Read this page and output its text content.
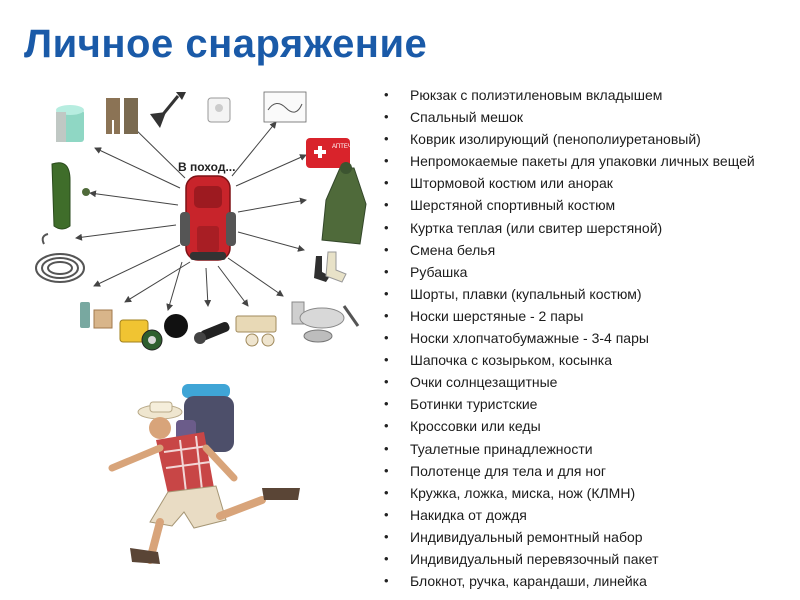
Личное снаряжение
АПТЕЧКА
В поход...
• Рюкзак с полиэтиленовым вкладышем
• Спальный мешок
• Коврик изолирующий (пенополиуретановый)
• Непромокаемые пакеты для упаковки личных вещей
• Штормовой костюм или анорак
• Шерстяной спортивный костюм
• Куртка теплая (или свитер шерстяной)
• Смена белья
• Рубашка
• Шорты, плавки (купальный костюм)
• Носки шерстяные - 2 пары
• Носки хлопчатобумажные - 3-4 пары
• Шапочка с козырьком, косынка
• Очки солнцезащитные
• Ботинки туристские
• Кроссовки или кеды
• Туалетные принадлежности
• Полотенце для тела и для ног
• Кружка, ложка, миска, нож (КЛМН)
• Накидка от дождя
• Индивидуальный ремонтный набор
• Индивидуальный перевязочный пакет
• Блокнот, ручка, карандаши, линейка
